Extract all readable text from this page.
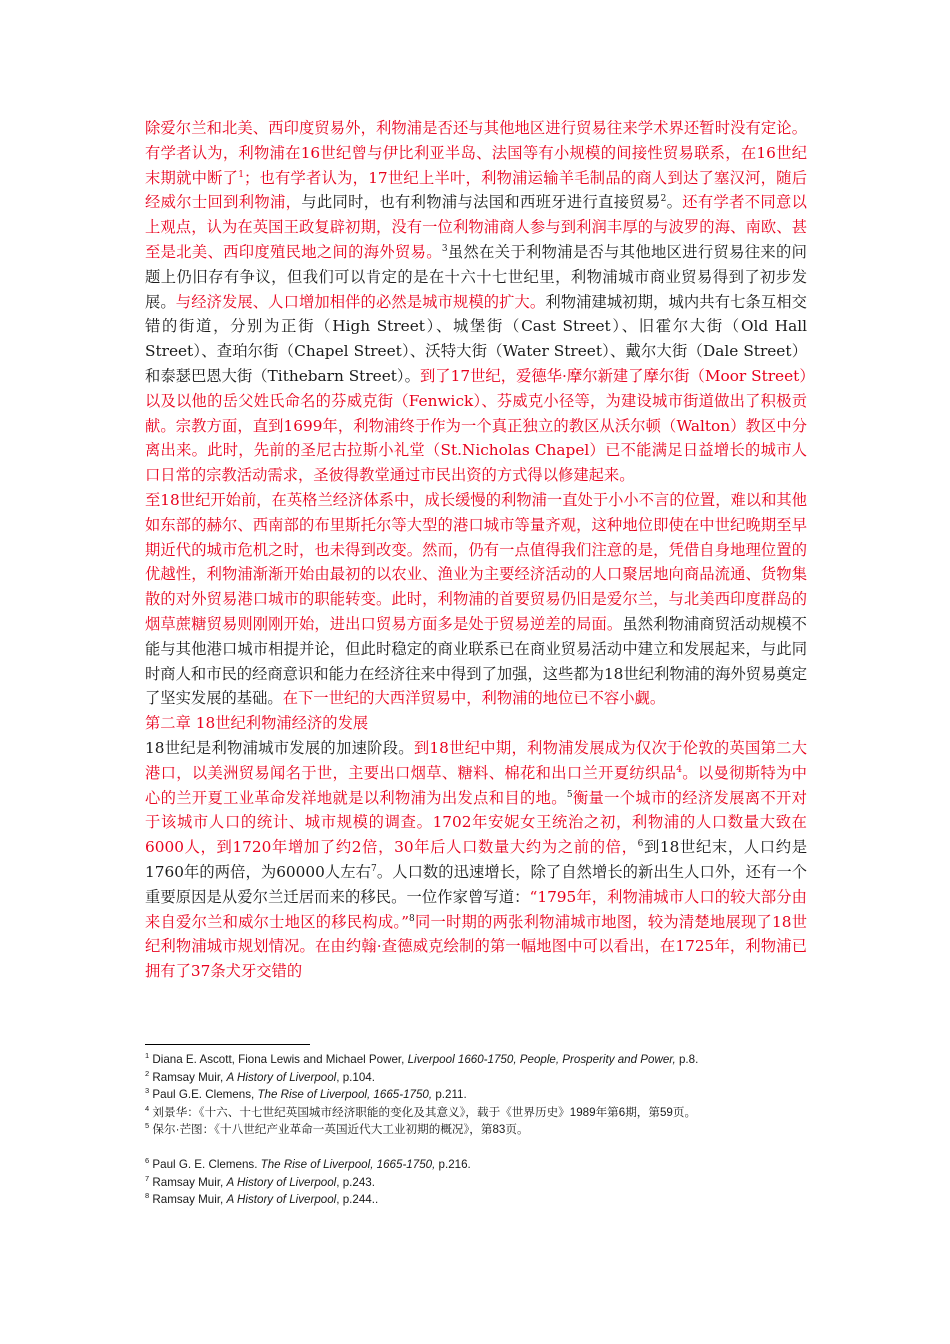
除爱尔兰和北美、西印度贸易外，利物浦是否还与其他地区进行贸易往来学术界还暂时没有定论。有学者认为，利物浦在16世纪曾与伊比利亚半岛、法国等有小规模的间接性贸易联系，在16世纪末期就中断了$^1$；也有学者认为，17世纪上半叶，利物浦运输羊毛制品的商人到达了塞汉河，随后经威尔士回到利物浦，与此同时，也有利物浦与法国和西班牙进行直接贸易$^2$。还有学者不同意以上观点，认为在英国王政复辟初期，没有一位利物浦商人参与到利润丰厚的与波罗的海、南欧、甚至是北美、西印度殖民地之间的海外贸易。$^3$虽然在关于利物浦是否与其他地区进行贸易往来的问题上仍旧存有争议，但我们可以肯定的是在十六十七世纪里，利物浦城市商业贸易得到了初步发展。与经济发展、人口增加相伴的必然是城市规模的扩大。利物浦建城初期，城内共有七条互相交错的街道，分别为正街（High Street）、城堡街（Cast Street）、旧霍尔大街（Old Hall Street）、查珀尔街（Chapel Street）、沃特大街（Water Street）、戴尔大街（Dale Street）和泰瑟巴恩大街（Tithebarn Street）。到了17世纪，爱德华·摩尔新建了摩尔街（Moor Street）以及以他的岳父姓氏命名的芬威克街（Fenwick）、芬威克小径等，为建设城市街道做出了积极贡献。宗教方面，直到1699年，利物浦终于作为一个真正独立的教区从沃尔顿（Walton）教区中分离出来。此时，先前的圣尼古拉斯小礼堂（St.Nicholas Chapel）已不能满足日益增长的城市人口日常的宗教活动需求，圣彼得教堂通过市民出资的方式得以修建起来。

至18世纪开始前，在英格兰经济体系中，成长缓慢的利物浦一直处于小小不言的位置，难以和其他如东部的赫尔、西南部的布里斯托尔等大型的港口城市等量齐观，这种地位即使在中世纪晚期至早期近代的城市危机之时，也未得到改变。然而，仍有一点值得我们注意的是，凭借自身地理位置的优越性，利物浦渐渐开始由最初的以农业、渔业为主要经济活动的人口聚居地向商品流通、货物集散的对外贸易港口城市的职能转变。此时，利物浦的首要贸易仍旧是爱尔兰，与北美西印度群岛的烟草蔗糖贸易则刚刚开始，进出口贸易方面多是处于贸易逆差的局面。虽然利物浦商贸活动规模不能与其他港口城市相提并论，但此时稳定的商业联系已在商业贸易活动中建立和发展起来，与此同时商人和市民的经商意识和能力在经济往来中得到了加强，这些都为18世纪利物浦的海外贸易奠定了坚实发展的基础。在下一世纪的大西洋贸易中，利物浦的地位已不容小觑。

第二章 18世纪利物浦经济的发展

18世纪是利物浦城市发展的加速阶段。到18世纪中期，利物浦发展成为仅次于伦敦的英国第二大港口，以美洲贸易闻名于世，主要出口烟草、糖料、棉花和出口兰开夏纺织品$^4$。以曼彻斯特为中心的兰开夏工业革命发祥地就是以利物浦为出发点和目的地。$^5$衡量一个城市的经济发展离不开对于该城市人口的统计、城市规模的调查。1702年安妮女王统治之初，利物浦的人口数量大致在6000人，到1720年增加了约2倍，30年后人口数量大约为之前的倍，$^6$到18世纪末，人口约是1760年的两倍，为60000人左右$^7$。人口数的迅速增长，除了自然增长的新出生人口外，还有一个重要原因是从爱尔兰迁居而来的移民。一位作家曾写道：“1795年，利物浦城市人口的较大部分由来自爱尔兰和威尔士地区的移民构成。”$^8$同一时期的两张利物浦城市地图，较为清楚地展现了18世纪利物浦城市规划情况。在由约翰·查德威克绘制的第一幅地图中可以看出，在1725年，利物浦已拥有了37条犬牙交错的

$^1$ Diana E. Ascott, Fiona Lewis and Michael Power, Liverpool 1660-1750, People, Prosperity and Power, p.8.

$^2$ Ramsay Muir, A History of Liverpool, p.104.

$^3$ Paul G.E. Clemens, The Rise of Liverpool, 1665-1750, p.211.

$^4$ 刘景华：《十六、十七世纪英国城市经济职能的变化及其意义》，载于《世界历史》1989年第6期，第59页。

$^5$ 保尔·芒图：《十八世纪产业革命一英国近代大工业初期的概况》，第83页。

$^6$ Paul G. E. Clemens. The Rise of Liverpool, 1665-1750, p.216.

$^7$ Ramsay Muir, A History of Liverpool, p.243.

$^8$ Ramsay Muir, A History of Liverpool, p.244..
